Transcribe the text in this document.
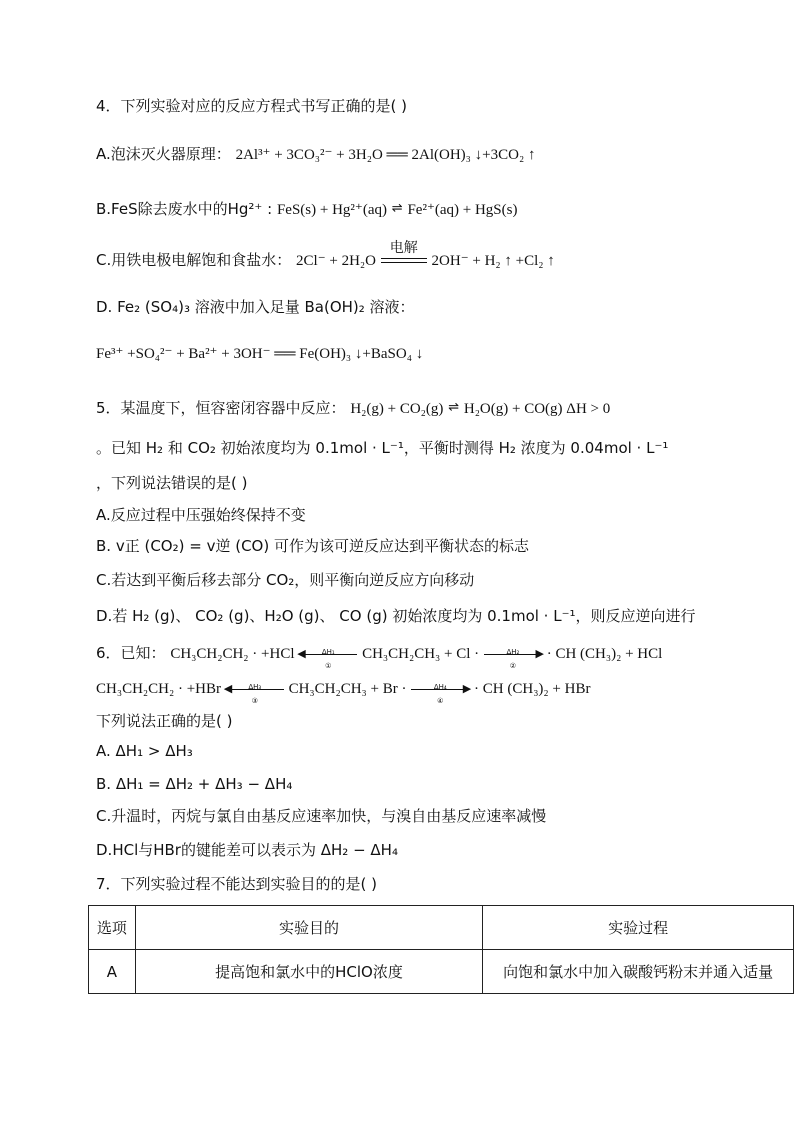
4．下列实验对应的反应方程式书写正确的是( )
A.泡沫灭火器原理： 2Al³⁺ + 3CO₃²⁻ + 3H₂O ══ 2Al(OH)₃ ↓+3CO₂ ↑
B.FeS除去废水中的Hg²⁺ : FeS(s) + Hg²⁺(aq) ⇌ Fe²⁺(aq) + HgS(s)
C.用铁电极电解饱和食盐水： 2Cl⁻ + 2H₂O
电解
2OH⁻ + H₂ ↑ +Cl₂ ↑
D. Fe₂ (SO₄)₃ 溶液中加入足量 Ba(OH)₂ 溶液：
Fe³⁺ +SO₄²⁻ + Ba²⁺ + 3OH⁻ ══ Fe(OH)₃ ↓+BaSO₄ ↓
5．某温度下，恒容密闭容器中反应： H₂(g) + CO₂(g) ⇌ H₂O(g) + CO(g) ΔH > 0
。已知 H₂ 和 CO₂ 初始浓度均为 0.1mol · L⁻¹，平衡时测得 H₂ 浓度为 0.04mol · L⁻¹
，下列说法错误的是( )
A.反应过程中压强始终保持不变
B. v正 (CO₂) = v逆 (CO) 可作为该可逆反应达到平衡状态的标志
C.若达到平衡后移去部分 CO₂，则平衡向逆反应方向移动
D.若 H₂ (g)、 CO₂ (g)、H₂O (g)、 CO (g) 初始浓度均为 0.1mol · L⁻¹，则反应逆向进行
6．已知： CH₃CH₂CH₂ · +HCl ◀	ΔH₁
①
CH₃CH₂CH₃ + Cl ·	▶
ΔH₂
②
· CH (CH₃)₂ + HCl
CH₃CH₂CH₂ · +HBr ◀	ΔH₃
③
CH₃CH₂CH₃ + Br ·	▶
ΔH₄
④
· CH (CH₃)₂ + HBr
下列说法正确的是( )
A. ΔH₁ > ΔH₃
B. ΔH₁ = ΔH₂ + ΔH₃ − ΔH₄
C.升温时，丙烷与氯自由基反应速率加快，与溴自由基反应速率减慢
D.HCl与HBr的键能差可以表示为 ΔH₂ − ΔH₄
7．下列实验过程不能达到实验目的的是( )
选项	实验目的	实验过程
A	提高饱和氯水中的HClO浓度	向饱和氯水中加入碳酸钙粉末并通入适量
